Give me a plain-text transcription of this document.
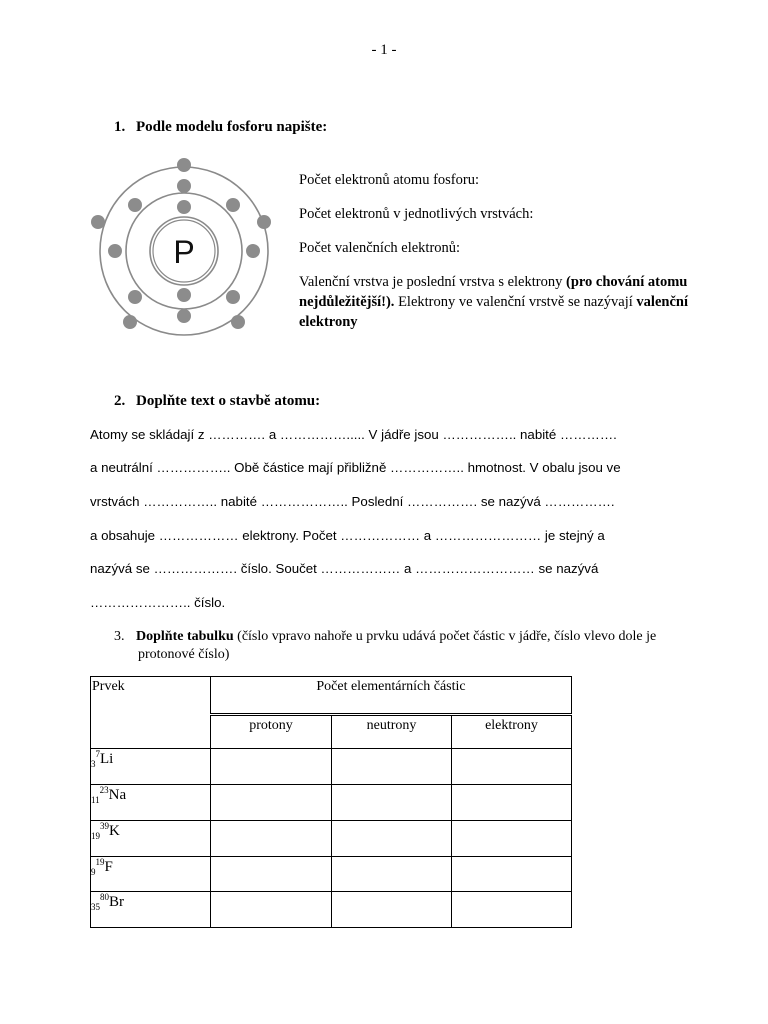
- 1 -
1. Podle modelu fosforu napište:
P

Počet elektronů atomu fosforu:

Počet elektronů v jednotlivých vrstvách:

Počet valenčních elektronů:

Valenční vrstva je poslední vrstva s elektrony (pro chování atomu nejdůležitější!). Elektrony ve valenční vrstvě se nazývají valenční elektrony

2. Doplňte text o stavbě atomu:
Atomy se skládají z …………. a ……………..... V jádře jsou …………….. nabité ………….
a neutrální …………….. Obě částice mají přibližně …………….. hmotnost. V obalu jsou ve
vrstvách …………….. nabité ……………….. Poslední ……………. se nazývá …………….
a obsahuje ……………… elektrony. Počet ……………… a …………………… je stejný a
nazývá se ………………. číslo. Součet ……………… a ……………………… se nazývá
………………….. číslo.
3. Doplňte tabulku (číslo vpravo nahoře u prvku udává počet částic v jádře, číslo vlevo dole je
protonové číslo)
Prvek	Počet elementárních částic		
	protony	neutrony	elektrony
$_3^7$Li			
$_{11}^{23}$Na			
$_{19}^{39}$K			
$_9^{19}$F			
$_{35}^{80}$Br			
